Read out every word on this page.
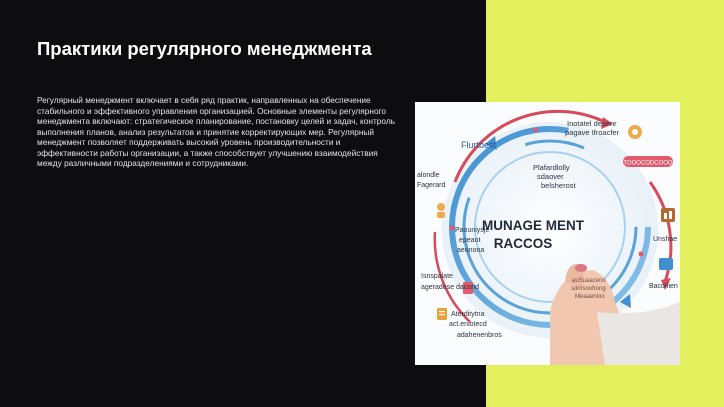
Практики регулярного менеджмента
Регулярный менеджмент включает в себя ряд практик, направленных на обеспечение стабильного и эффективного управления организацией. Основные элементы регулярного менеджмента включают: стратегическое планирование, постановку целей и задач, контроль выполнения планов, анализ результатов и принятие корректирующих мер. Регулярный менеджмент позволяет поддерживать высокий уровень производительности и эффективности работы организации, а также способствует улучшению взаимодействия между различными подразделениями и сотрудниками.	TOOOCODCOOO
Inotatel desenr
pagave Ifroacfer
Flurtbest
Plafardlolly
sdaover
belsherost
alondle
Fagerard
Paouniysje
epeaot
aeonona
Unshae
Isnspalate
ageradese dacond	Bacoifien
auSuaaceno
sdmsoofrong
Meaaenioo
Aterditytna
act.eniotecd
adahenenbros
MUNAGE MENT
RACCOS
